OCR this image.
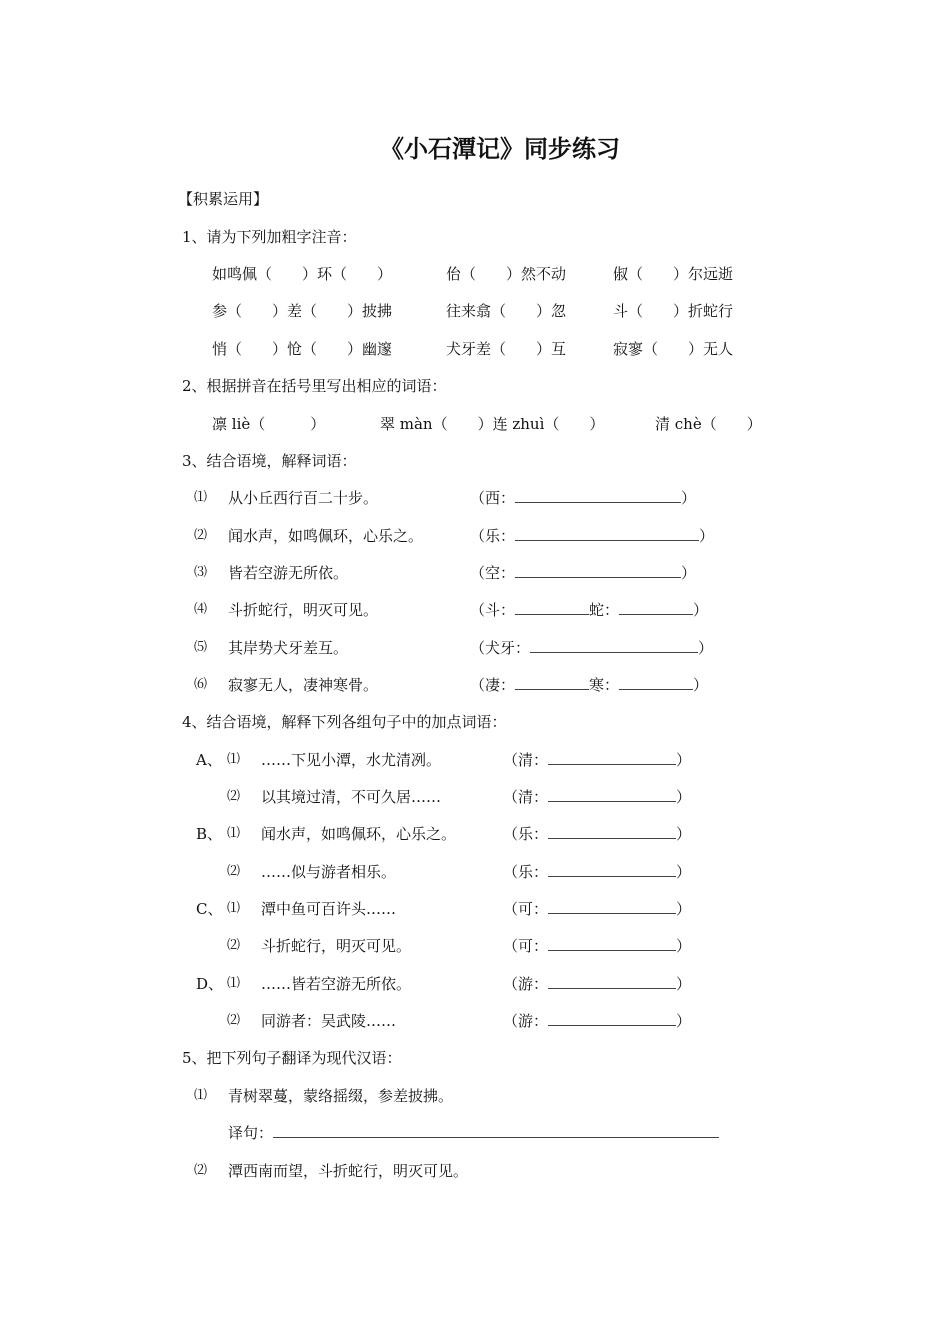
《小石潭记》同步练习
【积累运用】
1、请为下列加粗字注音：
如鸣佩（　　）环（　　）	佁（　　）然不动	俶（　　）尔远逝
参（　　）差（　　）披拂	往来翕（　　）忽	斗（　　）折蛇行
悄（　　）怆（　　）幽邃	犬牙差（　　）互	寂寥（　　）无人
2、根据拼音在括号里写出相应的词语：
凛 liè（　　　）	翠 màn（　　）连 zhuì（　　）	清 chè（　　）
3、结合语境，解释词语：
⑴ 从小丘西行百二十步。	（西：	）
⑵ 闻水声，如鸣佩环，心乐之。	（乐：	）
⑶ 皆若空游无所依。	（空：	）
⑷ 斗折蛇行，明灭可见。	（斗：	蛇：	）
⑸ 其岸势犬牙差互。	（犬牙：	）
⑹ 寂寥无人，凄神寒骨。	（凄：	寒：	）
4、结合语境，解释下列各组句子中的加点词语：
A、 ⑴ ……下见小潭，水尤清冽。	（清：	）
⑵ 以其境过清，不可久居……	（清：	）
B、 ⑴ 闻水声，如鸣佩环，心乐之。	（乐：	）
⑵ ……似与游者相乐。	（乐：	）
C、 ⑴ 潭中鱼可百许头……	（可：	）
⑵ 斗折蛇行，明灭可见。	（可：	）
D、 ⑴ ……皆若空游无所依。	（游：	）
⑵ 同游者：吴武陵……	（游：	）
5、把下列句子翻译为现代汉语：
⑴ 青树翠蔓，蒙络摇缀，参差披拂。
译句：
⑵ 潭西南而望，斗折蛇行，明灭可见。
